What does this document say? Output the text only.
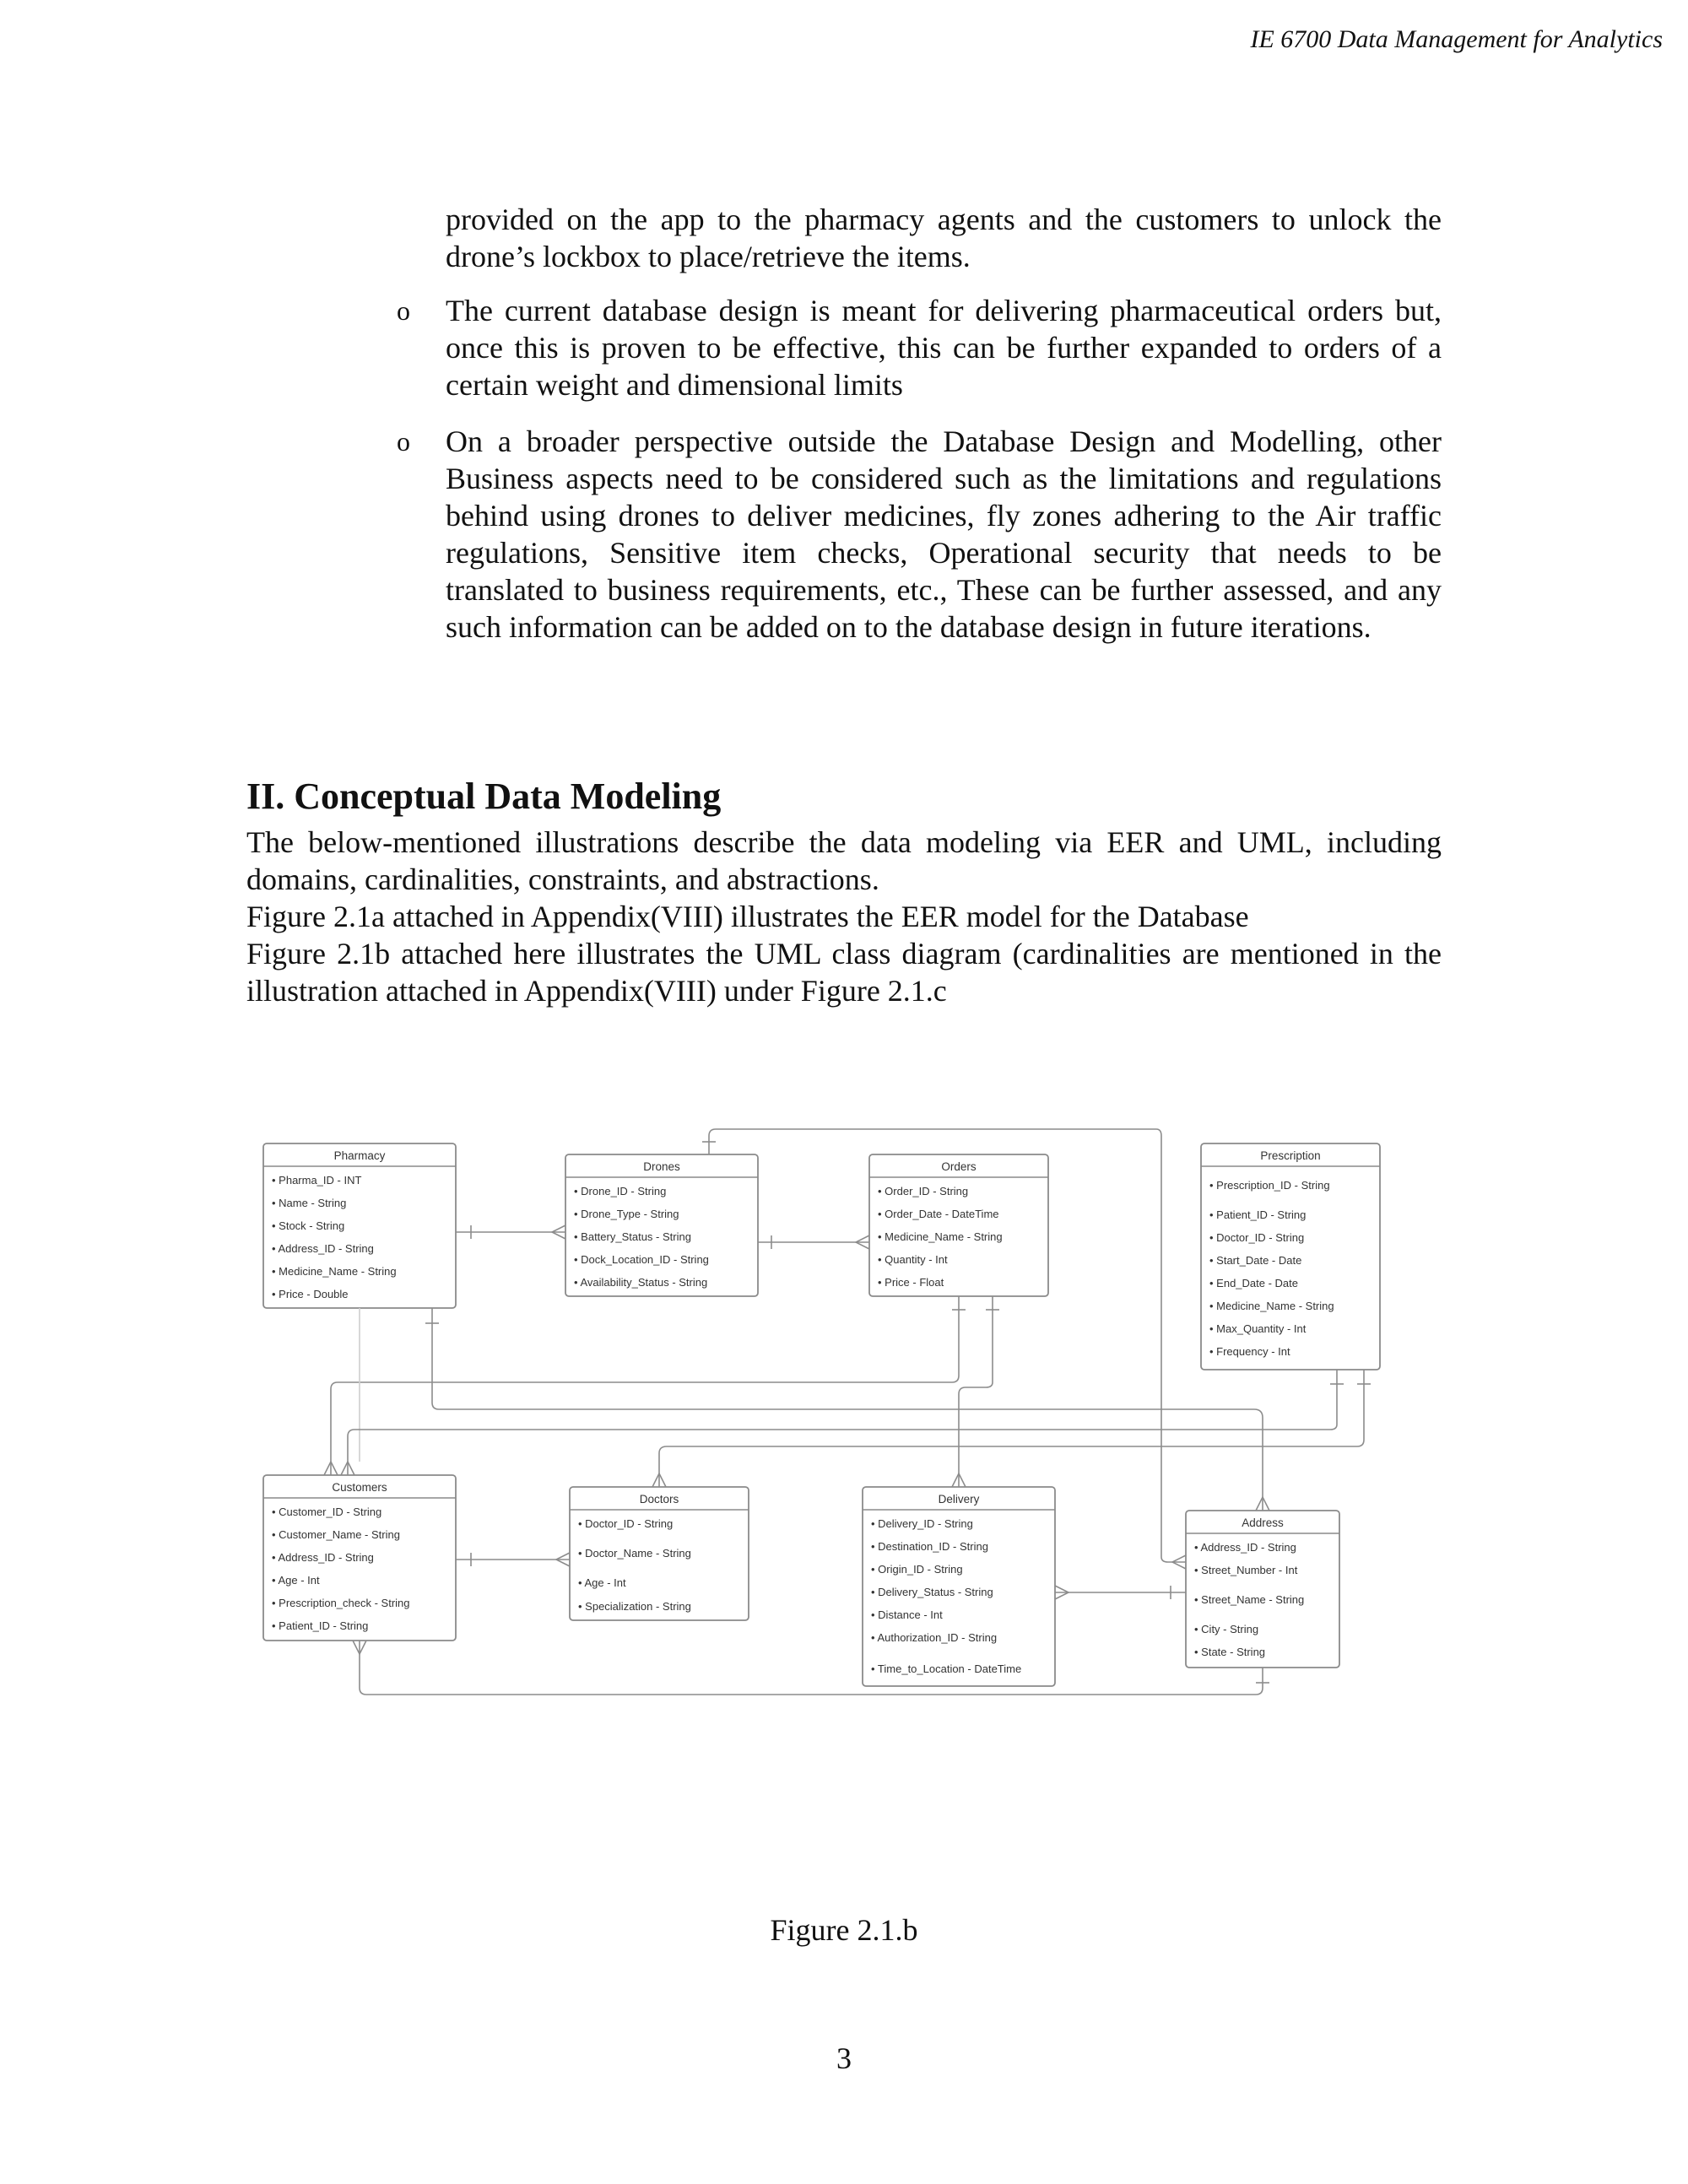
IE 6700 Data Management for Analytics
provided on the app to the pharmacy agents and the customers to unlock the drone’s lockbox to place/retrieve the items.
o	The current database design is meant for delivering pharmaceutical orders but, once this is proven to be effective, this can be further expanded to orders of a certain weight and dimensional limits
o	On a broader perspective outside the Database Design and Modelling, other Business aspects need to be considered such as the limitations and regulations behind using drones to deliver medicines, fly zones adhering to the Air traffic regulations, Sensitive item checks, Operational security that needs to be translated to business requirements, etc., These can be further assessed, and any such information can be added on to the database design in future iterations.
II. Conceptual Data Modeling

The below-mentioned illustrations describe the data modeling via EER and UML, including domains, cardinalities, constraints, and abstractions.

Figure 2.1a attached in Appendix(VIII) illustrates the EER model for the Database

Figure 2.1b attached here illustrates the UML class diagram (cardinalities are mentioned in the illustration attached in Appendix(VIII) under Figure 2.1.c

Pharmacy
• Pharma_ID - INT
• Name - String
• Stock - String
• Address_ID - String
• Medicine_Name - String
• Price - Double
Drones
• Drone_ID - String
• Drone_Type - String
• Battery_Status - String
• Dock_Location_ID - String
• Availability_Status - String
Orders
• Order_ID - String
• Order_Date - DateTime
• Medicine_Name - String
• Quantity - Int
• Price - Float
Prescription
• Prescription_ID - String
• Patient_ID - String
• Doctor_ID - String
• Start_Date - Date
• End_Date - Date
• Medicine_Name - String
• Max_Quantity - Int
• Frequency - Int
Customers
• Customer_ID - String
• Customer_Name - String
• Address_ID - String
• Age - Int
• Prescription_check - String
• Patient_ID - String
Doctors
• Doctor_ID - String
• Doctor_Name - String
• Age - Int
• Specialization - String
Delivery
• Delivery_ID - String
• Destination_ID - String
• Origin_ID - String
• Delivery_Status - String
• Distance - Int
• Authorization_ID - String
• Time_to_Location - DateTime
Address
• Address_ID - String
• Street_Number - Int
• Street_Name - String
• City - String
• State - String
Figure 2.1.b
3
